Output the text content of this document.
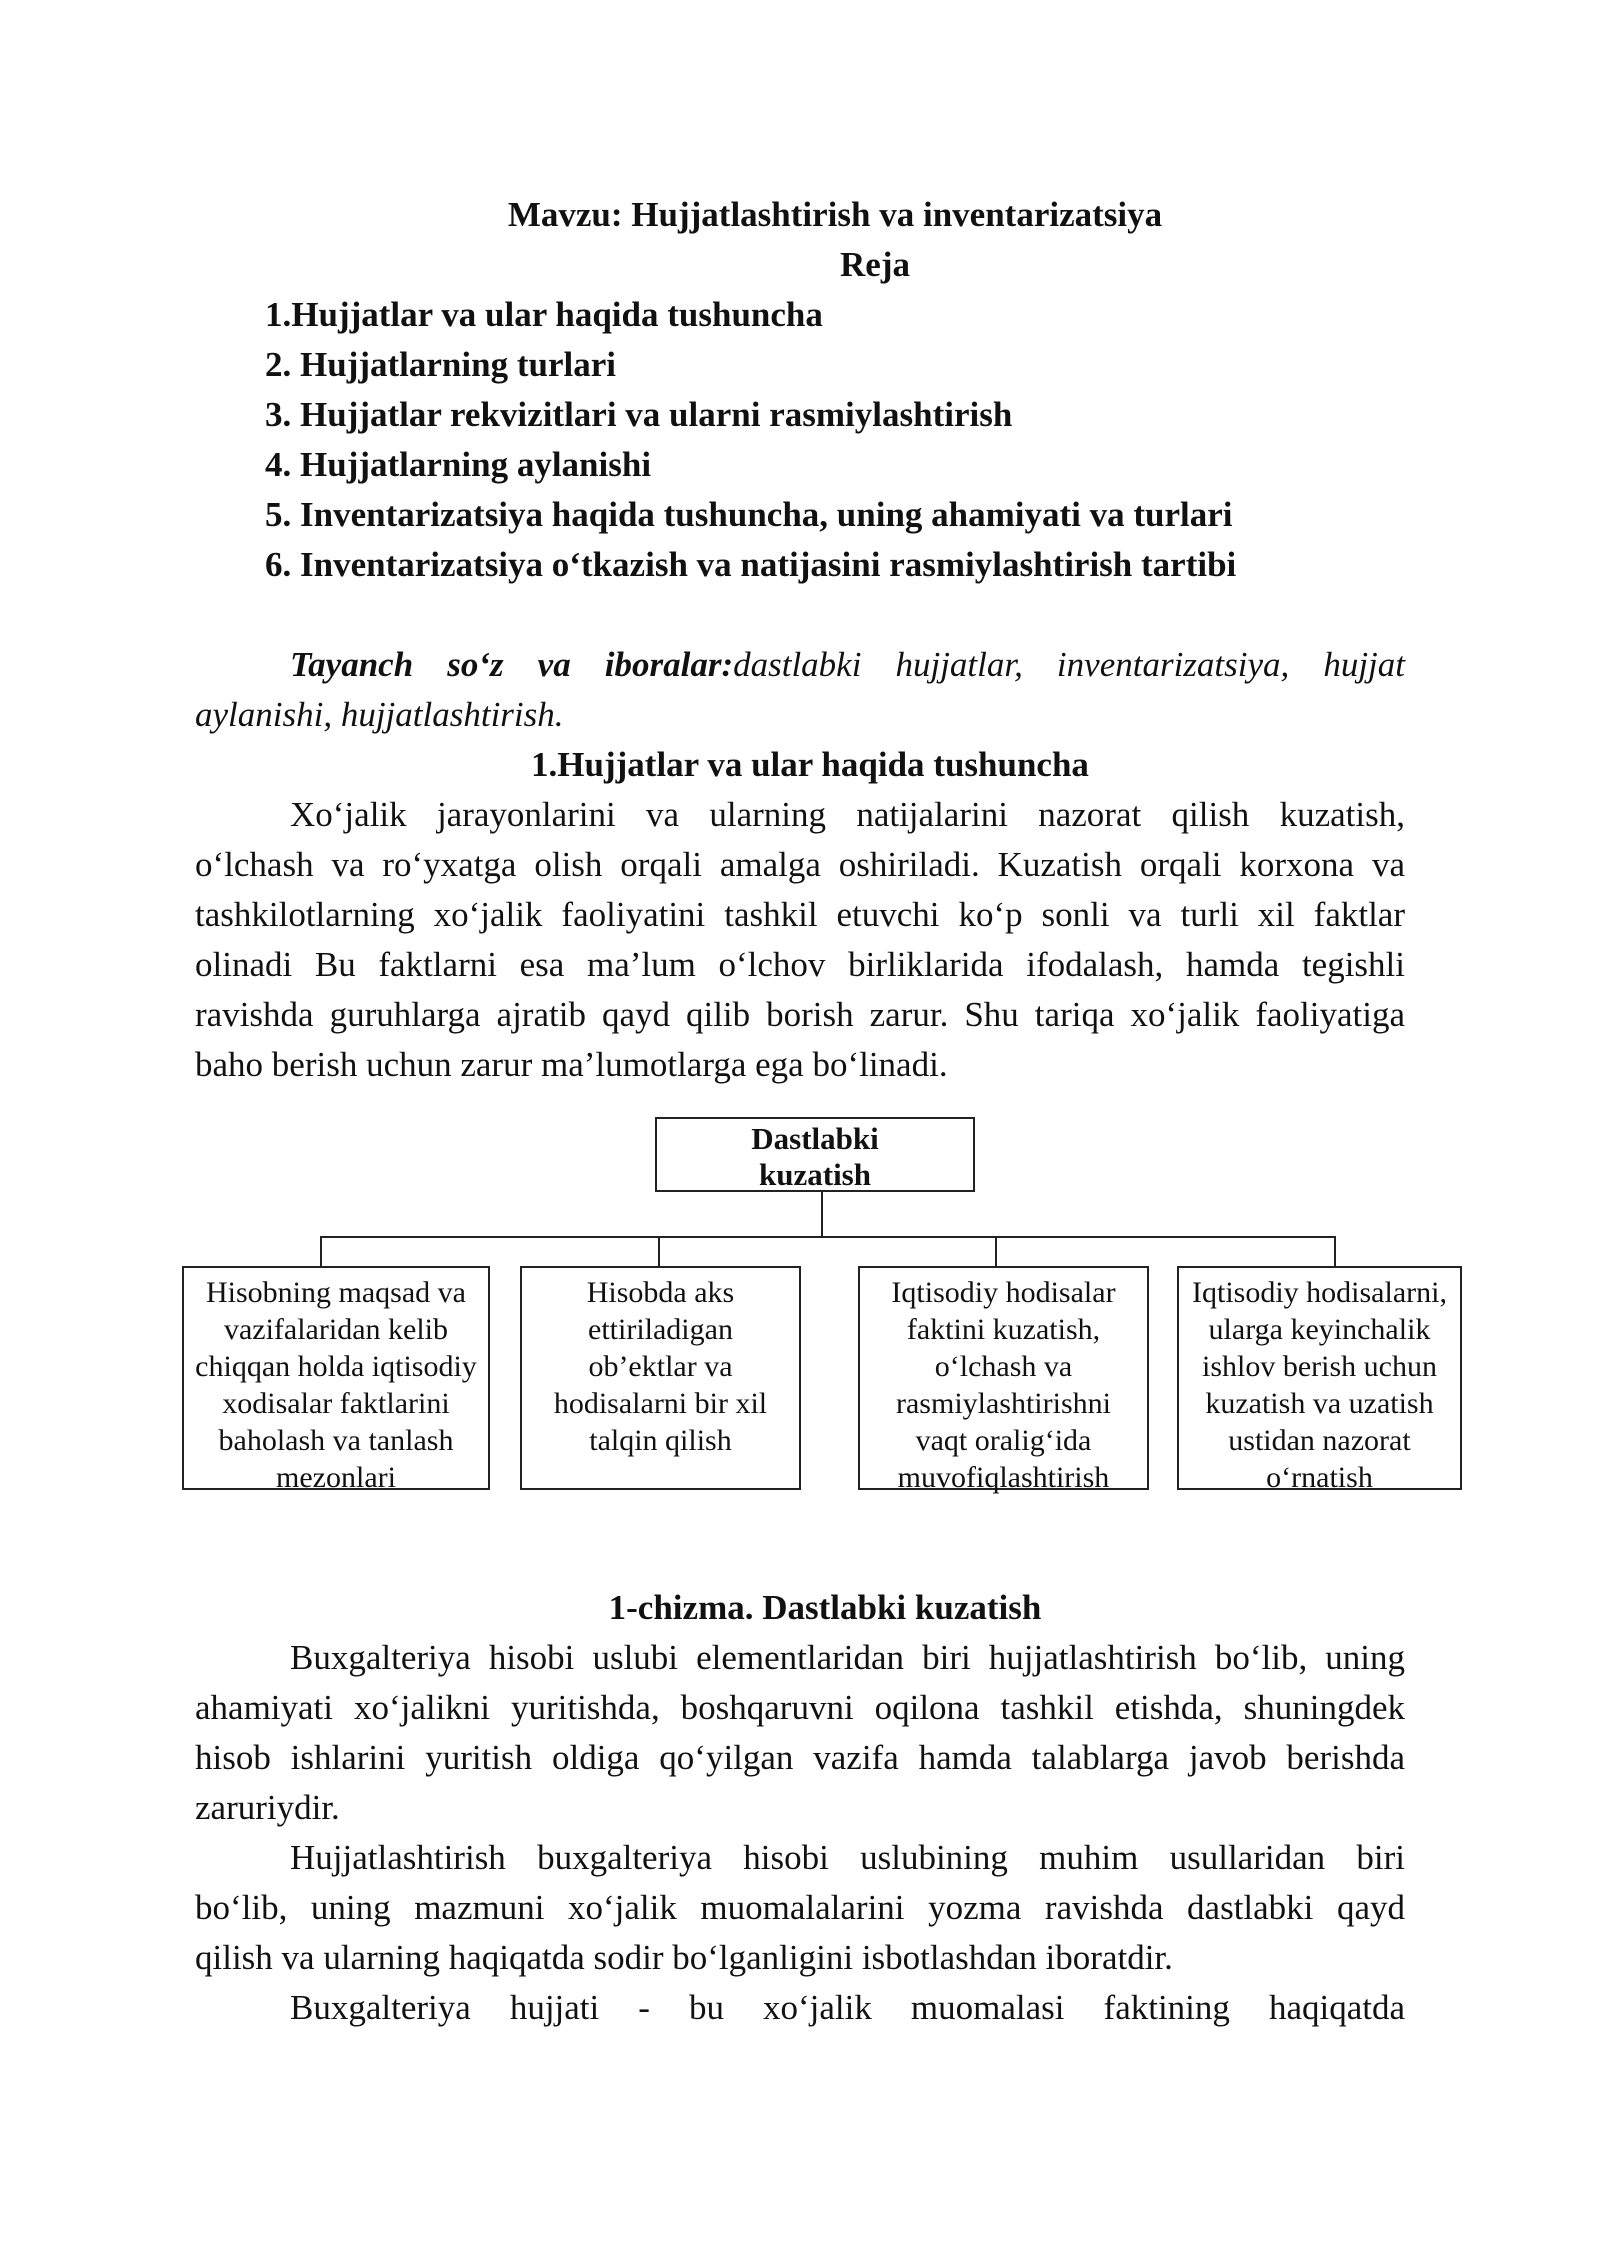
Mavzu: Hujjatlashtirish va inventarizatsiya
Reja
1.Hujjatlar va ular haqida tushuncha
2. Hujjatlarning turlari
3. Hujjatlar rekvizitlari va ularni rasmiylashtirish
4. Hujjatlarning aylanishi
5. Inventarizatsiya haqida tushuncha, uning ahamiyati va turlari
6. Inventarizatsiya o‘tkazish va natijasini rasmiylashtirish tartibi
Tayanch so‘z va iboralar:dastlabki hujjatlar, inventarizatsiya, hujjat
aylanishi, hujjatlashtirish.
1.Hujjatlar va ular haqida tushuncha
Xo‘jalik jarayonlarini va ularning natijalarini nazorat qilish kuzatish,
o‘lchash va ro‘yxatga olish orqali amalga oshiriladi. Kuzatish orqali korxona va
tashkilotlarning xo‘jalik faoliyatini tashkil etuvchi ko‘p sonli va turli xil faktlar
olinadi Bu faktlarni esa ma’lum o‘lchov birliklarida ifodalash, hamda tegishli
ravishda guruhlarga ajratib qayd qilib borish zarur. Shu tariqa xo‘jalik faoliyatiga
baho berish uchun zarur ma’lumotlarga ega bo‘linadi.
Dastlabki
kuzatish
Hisobning maqsad va
vazifalaridan kelib
chiqqan holda iqtisodiy
xodisalar faktlarini
baholash va tanlash
mezonlari
Hisobda aks
ettiriladigan
ob’ektlar va
hodisalarni bir xil
talqin qilish
Iqtisodiy hodisalar
faktini kuzatish,
o‘lchash va
rasmiylashtirishni
vaqt oralig‘ida
muvofiqlashtirish
Iqtisodiy hodisalarni,
ularga keyinchalik
ishlov berish uchun
kuzatish va uzatish
ustidan nazorat
o‘rnatish
1-chizma. Dastlabki kuzatish
Buxgalteriya hisobi uslubi elementlaridan biri hujjatlashtirish bo‘lib, uning
ahamiyati xo‘jalikni yuritishda, boshqaruvni oqilona tashkil etishda, shuningdek
hisob ishlarini yuritish oldiga qo‘yilgan vazifa hamda talablarga javob berishda
zaruriydir.
Hujjatlashtirish buxgalteriya hisobi uslubining muhim usullaridan biri
bo‘lib, uning mazmuni xo‘jalik muomalalarini yozma ravishda dastlabki qayd
qilish va ularning haqiqatda sodir bo‘lganligini isbotlashdan iboratdir.
Buxgalteriya hujjati - bu xo‘jalik muomalasi faktining haqiqatda
